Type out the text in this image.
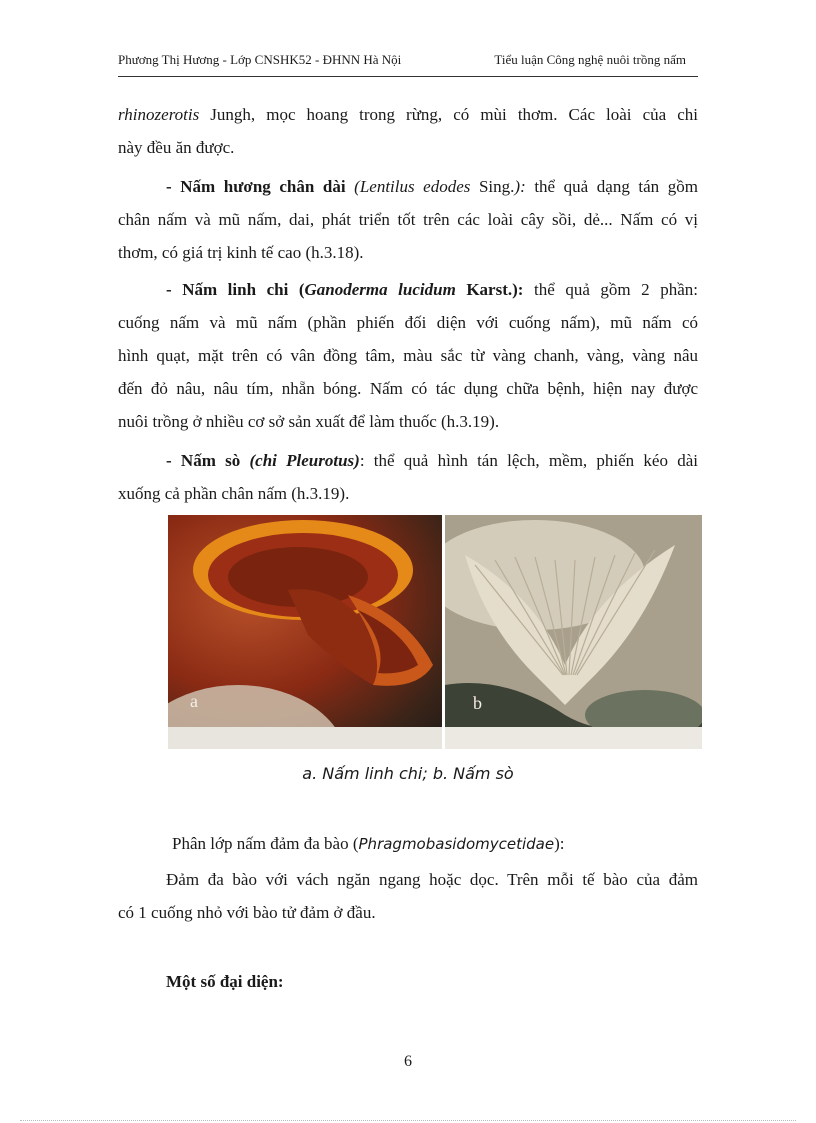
Phương Thị Hương - Lớp CNSHK52 - ĐHNN Hà Nội	Tiểu luận Công nghệ nuôi trồng nấm
rhinozerotis Jungh, mọc hoang trong rừng, có mùi thơm. Các loài của chi
này đều ăn được.
- Nấm hương chân dài (Lentilus edodes Sing.): thể quả dạng tán gồm
chân nấm và mũ nấm, dai, phát triển tốt trên các loài cây sồi, dẻ... Nấm có vị
thơm, có giá trị kinh tế cao (h.3.18).
- Nấm linh chi (Ganoderma lucidum Karst.): thể quả gồm 2 phần:
cuống nấm và mũ nấm (phần phiến đối diện với cuống nấm), mũ nấm có
hình quạt, mặt trên có vân đồng tâm, màu sắc từ vàng chanh, vàng, vàng nâu
đến đỏ nâu, nâu tím, nhẵn bóng. Nấm có tác dụng chữa bệnh, hiện nay được
nuôi trồng ở nhiều cơ sở sản xuất để làm thuốc (h.3.19).
- Nấm sò (chi Pleurotus): thể quả hình tán lệch, mềm, phiến kéo dài
xuống cả phần chân nấm (h.3.19).
a	b
a. Nấm linh chi; b. Nấm sò
Phân lớp nấm đảm đa bào (Phragmobasidomycetidae):
Đảm đa bào với vách ngăn ngang hoặc dọc. Trên mỗi tế bào của đảm
có 1 cuống nhỏ với bào tử đảm ở đầu.
Một số đại diện:
6
